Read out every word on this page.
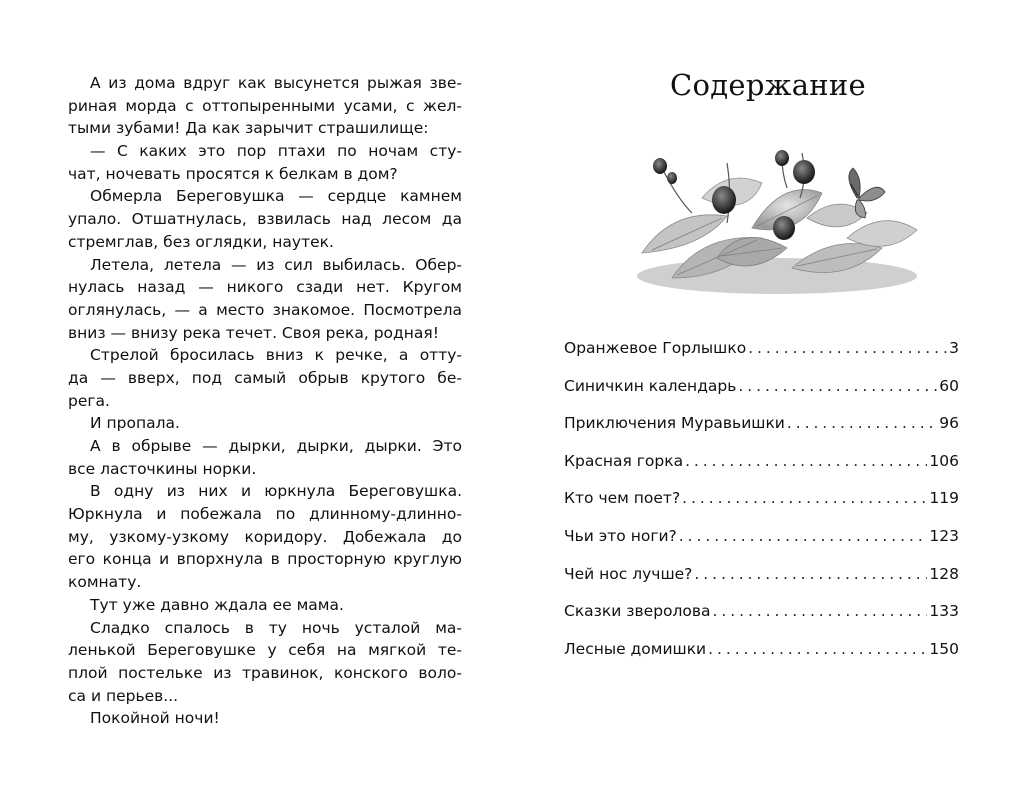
А из дома вдруг как высунется рыжая зве-
риная морда с оттопыренными усами, с жел-
тыми зубами! Да как зарычит страшилище:
— С каких это пор птахи по ночам сту-
чат, ночевать просятся к белкам в дом?
Обмерла Береговушка — сердце камнем
упало. Отшатнулась, взвилась над лесом да
стремглав, без оглядки, наутек.
Летела, летела — из сил выбилась. Обер-
нулась назад — никого сзади нет. Кругом
оглянулась, — а место знакомое. Посмотрела
вниз — внизу река течет. Своя река, родная!
Стрелой бросилась вниз к речке, а отту-
да — вверх, под самый обрыв крутого бе-
рега.
И пропала.
А в обрыве — дырки, дырки, дырки. Это
все ласточкины норки.
В одну из них и юркнула Береговушка.
Юркнула и побежала по длинному-длинно-
му, узкому-узкому коридору. Добежала до
его конца и впорхнула в просторную круглую
комнату.
Тут уже давно ждала ее мама.
Сладко спалось в ту ночь усталой ма-
ленькой Береговушке у себя на мягкой те-
плой постельке из травинок, конского воло-
са и перьев...
Покойной ночи!
Содержание
Оранжевое Горлышко . . .	3
Синичкин календарь . . .	60
Приключения Муравьишки . . .	96
Красная горка . . .	106
Кто чем поет? . . .	119
Чьи это ноги? . . .	123
Чей нос лучше? . . .	128
Сказки зверолова . . .	133
Лесные домишки . . .	150
